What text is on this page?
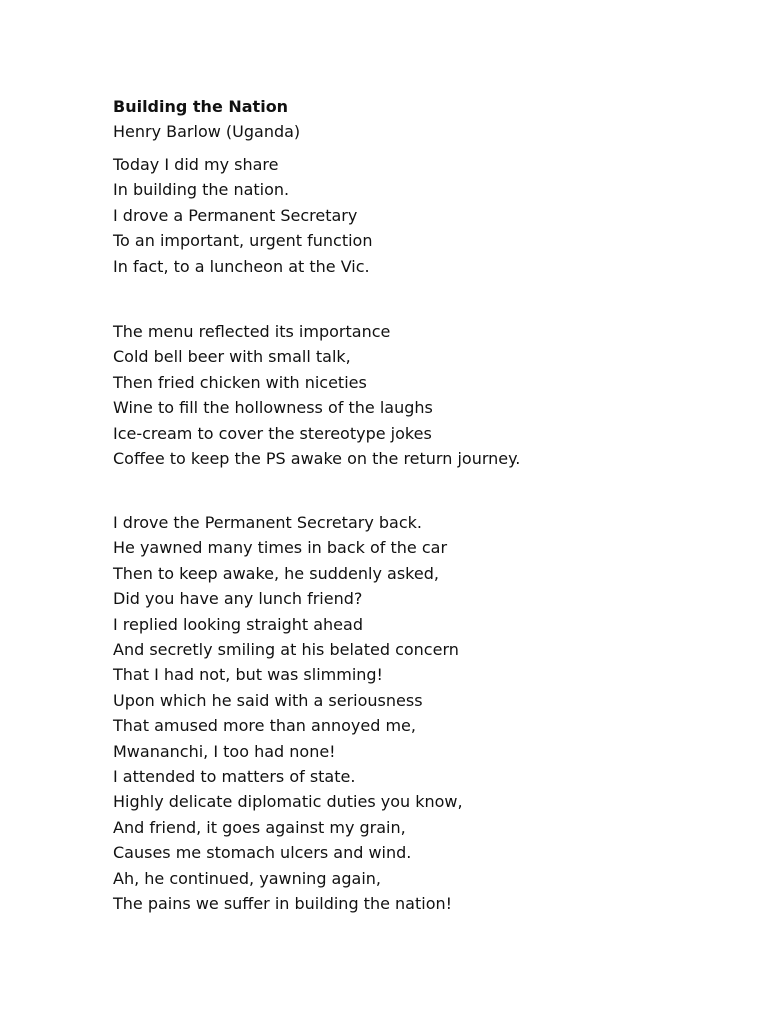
Building the Nation
Henry Barlow (Uganda)
Today I did my share
In building the nation.
I drove a Permanent Secretary
To an important, urgent function
In fact, to a luncheon at the Vic.
The menu reflected its importance
Cold bell beer with small talk,
Then fried chicken with niceties
Wine to fill the hollowness of the laughs
Ice-cream to cover the stereotype jokes
Coffee to keep the PS awake on the return journey.
I drove the Permanent Secretary back.
He yawned many times in back of the car
Then to keep awake, he suddenly asked,
Did you have any lunch friend?
I replied looking straight ahead
And secretly smiling at his belated concern
That I had not, but was slimming!
Upon which he said with a seriousness
That amused more than annoyed me,
Mwananchi, I too had none!
I attended to matters of state.
Highly delicate diplomatic duties you know,
And friend, it goes against my grain,
Causes me stomach ulcers and wind.
Ah, he continued, yawning again,
The pains we suffer in building the nation!
